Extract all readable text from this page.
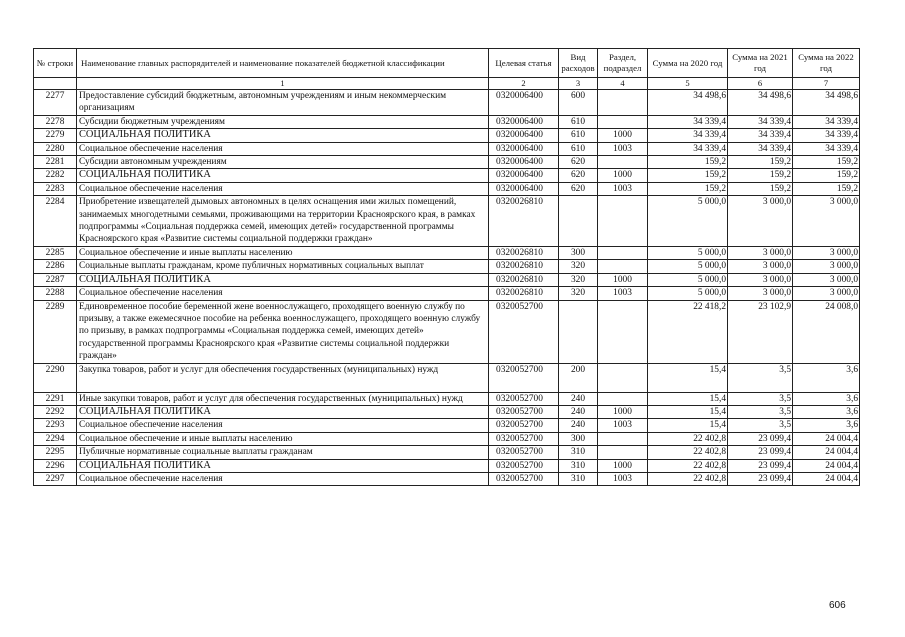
№ строки	Наименование главных распорядителей и наименование показателей бюджетной классификации	Целевая статья	Вид расходов	Раздел, подраздел	Сумма на 2020 год	Сумма на 2021 год	Сумма на 2022 год
	1	2	3	4	5	6	7
2277	Предоставление субсидий бюджетным, автономным учреждениям и иным некоммерческим организациям	0320006400	600		34 498,6	34 498,6	34 498,6
2278	Субсидии бюджетным учреждениям	0320006400	610		34 339,4	34 339,4	34 339,4
2279	СОЦИАЛЬНАЯ ПОЛИТИКА	0320006400	610	1000	34 339,4	34 339,4	34 339,4
2280	Социальное обеспечение населения	0320006400	610	1003	34 339,4	34 339,4	34 339,4
2281	Субсидии автономным учреждениям	0320006400	620		159,2	159,2	159,2
2282	СОЦИАЛЬНАЯ ПОЛИТИКА	0320006400	620	1000	159,2	159,2	159,2
2283	Социальное обеспечение населения	0320006400	620	1003	159,2	159,2	159,2
2284	Приобретение извещателей дымовых автономных в целях оснащения ими жилых помещений, занимаемых многодетными семьями, проживающими на территории Красноярского края, в рамках подпрограммы «Социальная поддержка семей, имеющих детей» государственной программы Красноярского края «Развитие системы социальной поддержки граждан»	0320026810			5 000,0	3 000,0	3 000,0
2285	Социальное обеспечение и иные выплаты населению	0320026810	300		5 000,0	3 000,0	3 000,0
2286	Социальные выплаты гражданам, кроме публичных нормативных социальных выплат	0320026810	320		5 000,0	3 000,0	3 000,0
2287	СОЦИАЛЬНАЯ ПОЛИТИКА	0320026810	320	1000	5 000,0	3 000,0	3 000,0
2288	Социальное обеспечение населения	0320026810	320	1003	5 000,0	3 000,0	3 000,0
2289	Единовременное пособие беременной жене военнослужащего, проходящего военную службу по призыву, а также ежемесячное пособие на ребенка военнослужащего, проходящего военную службу по призыву, в рамках подпрограммы «Социальная поддержка семей, имеющих детей» государственной программы Красноярского края «Развитие системы социальной поддержки граждан»	0320052700			22 418,2	23 102,9	24 008,0
2290	Закупка товаров, работ и услуг для обеспечения государственных (муниципальных) нужд	0320052700	200		15,4	3,5	3,6
2291	Иные закупки товаров, работ и услуг для обеспечения государственных (муниципальных) нужд	0320052700	240		15,4	3,5	3,6
2292	СОЦИАЛЬНАЯ ПОЛИТИКА	0320052700	240	1000	15,4	3,5	3,6
2293	Социальное обеспечение населения	0320052700	240	1003	15,4	3,5	3,6
2294	Социальное обеспечение и иные выплаты населению	0320052700	300		22 402,8	23 099,4	24 004,4
2295	Публичные нормативные социальные выплаты гражданам	0320052700	310		22 402,8	23 099,4	24 004,4
2296	СОЦИАЛЬНАЯ ПОЛИТИКА	0320052700	310	1000	22 402,8	23 099,4	24 004,4
2297	Социальное обеспечение населения	0320052700	310	1003	22 402,8	23 099,4	24 004,4
606
